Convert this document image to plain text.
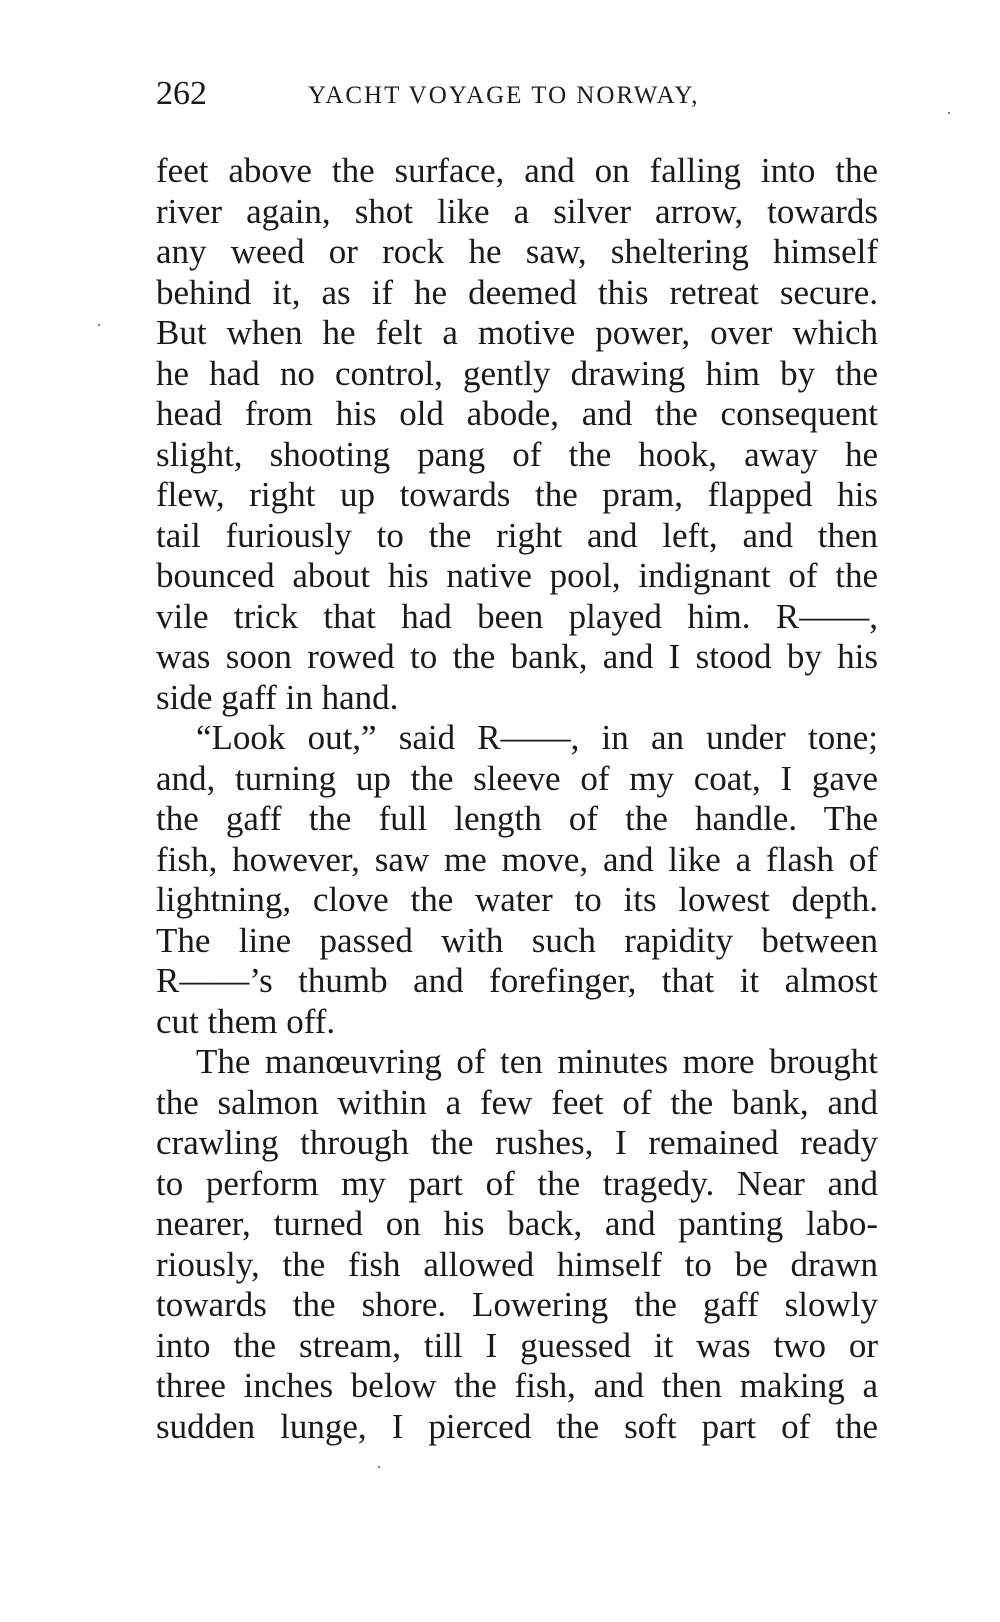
262	YACHT VOYAGE TO NORWAY,
feet above the surface, and on falling into the
river again, shot like a silver arrow, towards
any weed or rock he saw, sheltering himself
behind it, as if he deemed this retreat secure.
But when he felt a motive power, over which
he had no control, gently drawing him by the
head from his old abode, and the consequent
slight, shooting pang of the hook, away he
flew, right up towards the pram, flapped his
tail furiously to the right and left, and then
bounced about his native pool, indignant of the
vile trick that had been played him. R——,
was soon rowed to the bank, and I stood by his
side gaff in hand.
“Look out,” said R——, in an under tone;
and, turning up the sleeve of my coat, I gave
the gaff the full length of the handle. The
fish, however, saw me move, and like a flash of
lightning, clove the water to its lowest depth.
The line passed with such rapidity between
R——’s thumb and forefinger, that it almost
cut them off.
The manœuvring of ten minutes more brought
the salmon within a few feet of the bank, and
crawling through the rushes, I remained ready
to perform my part of the tragedy. Near and
nearer, turned on his back, and panting labo-
riously, the fish allowed himself to be drawn
towards the shore. Lowering the gaff slowly
into the stream, till I guessed it was two or
three inches below the fish, and then making a
sudden lunge, I pierced the soft part of the
